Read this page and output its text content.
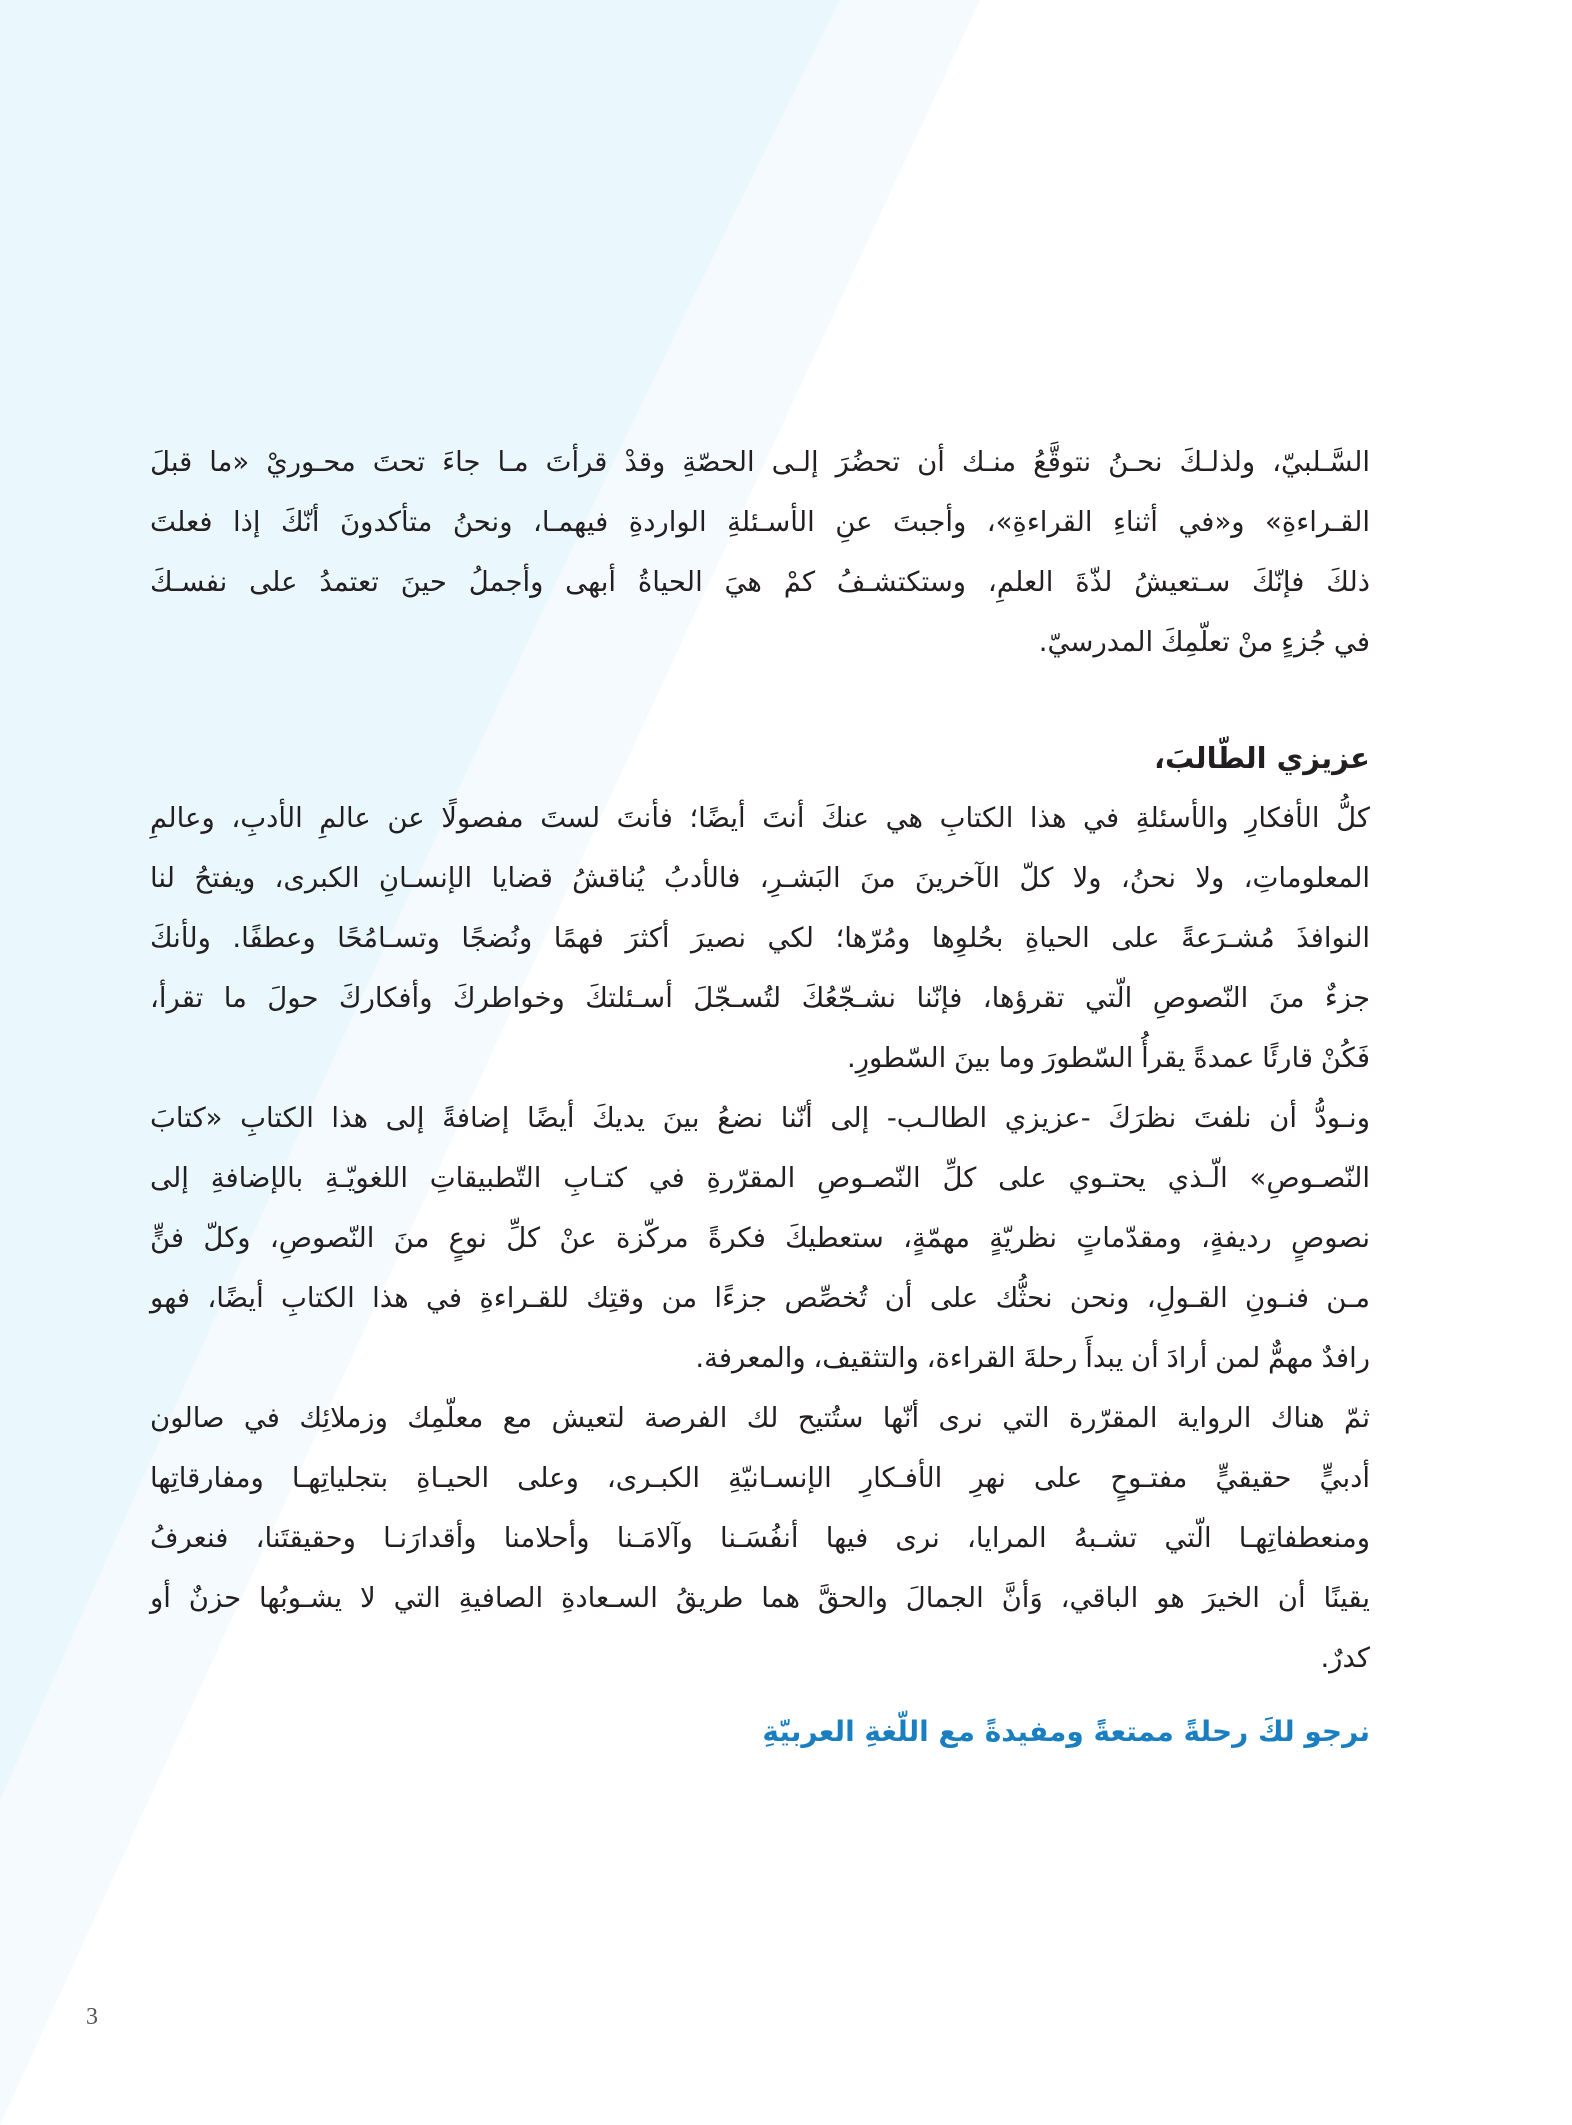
السَّـلبيّ، ولذلـكَ نحـنُ نتوقَّعُ منـك أن تحضُرَ إلـى الحصّةِ وقدْ قرأتَ مـا جاءَ تحتَ محـوريْ «ما قبلَ
القـراءةِ» و«في أثناءِ القراءةِ»، وأجبتَ عنِ الأسـئلةِ الواردةِ فيهمـا، ونحنُ متأكدونَ أنّكَ إذا فعلتَ
ذلكَ فإنّكَ سـتعيشُ لذّةَ العلمِ، وستكتشـفُ كمْ هيَ الحياةُ أبهى وأجملُ حينَ تعتمدُ على نفسـكَ
في جُزءٍ منْ تعلّمِكَ المدرسيّ.

عزيزي الطّالبَ،

كلُّ الأفكارِ والأسئلةِ في هذا الكتابِ هي عنكَ أنتَ أيضًا؛ فأنتَ لستَ مفصولًا عن عالمِ الأدبِ، وعالمِ
المعلوماتِ، ولا نحنُ، ولا كلّ الآخرينَ منَ البَشـرِ، فالأدبُ يُناقشُ قضايا الإنسـانِ الكبرى، ويفتحُ لنا
النوافذَ مُشـرَعةً على الحياةِ بحُلوِها ومُرّها؛ لكي نصيرَ أكثرَ فهمًا ونُضجًا وتسـامُحًا وعطفًا. ولأنكَ
جزءٌ منَ النّصوصِ الّتي تقرؤها، فإنّنا نشـجّعُكَ لتُسـجّلَ أسـئلتكَ وخواطركَ وأفكاركَ حولَ ما تقرأ،
فَكُنْ قارئًا عمدةً يقرأُ السّطورَ وما بينَ السّطورِ.

ونـودُّ أن نلفتَ نظرَكَ -عزيزي الطالـب- إلى أنّنا نضعُ بينَ يديكَ أيضًا إضافةً إلى هذا الكتابِ «كتابَ
النّصـوصِ» الّـذي يحتـوي على كلِّ النّصـوصِ المقرّرةِ في كتـابِ التّطبيقاتِ اللغويّـةِ بالإضافةِ إلى
نصوصٍ رديفةٍ، ومقدّماتٍ نظريّةٍ مهمّةٍ، ستعطيكَ فكرةً مركّزة عنْ كلِّ نوعٍ منَ النّصوصِ، وكلّ فنٍّ
مـن فنـونِ القـولِ، ونحن نحثُّك على أن تُخصِّص جزءًا من وقتِك للقـراءةِ في هذا الكتابِ أيضًا، فهو
رافدٌ مهمٌّ لمن أرادَ أن يبدأَ رحلةَ القراءة، والتثقيف، والمعرفة.

ثمّ هناك الرواية المقرّرة التي نرى أنّها ستُتيح لك الفرصة لتعيش مع معلّمِك وزملائِك في صالون
أدبيٍّ حقيقيٍّ مفتـوحٍ على نهرِ الأفـكارِ الإنسـانيّةِ الكبـرى، وعلى الحيـاةِ بتجلياتِهـا ومفارقاتِها
ومنعطفاتِهـا الّتي تشـبهُ المرايا، نرى فيها أنفُسَـنا وآلامَـنا وأحلامنا وأقدارَنـا وحقيقتَنا، فنعرفُ
يقينًا أن الخيرَ هو الباقي، وَأنَّ الجمالَ والحقَّ هما طريقُ السـعادةِ الصافيةِ التي لا يشـوبُها حزنٌ أو
كدرٌ.

نرجو لكَ رحلةً ممتعةً ومفيدةً مع اللّغةِ العربيّةِ

3
